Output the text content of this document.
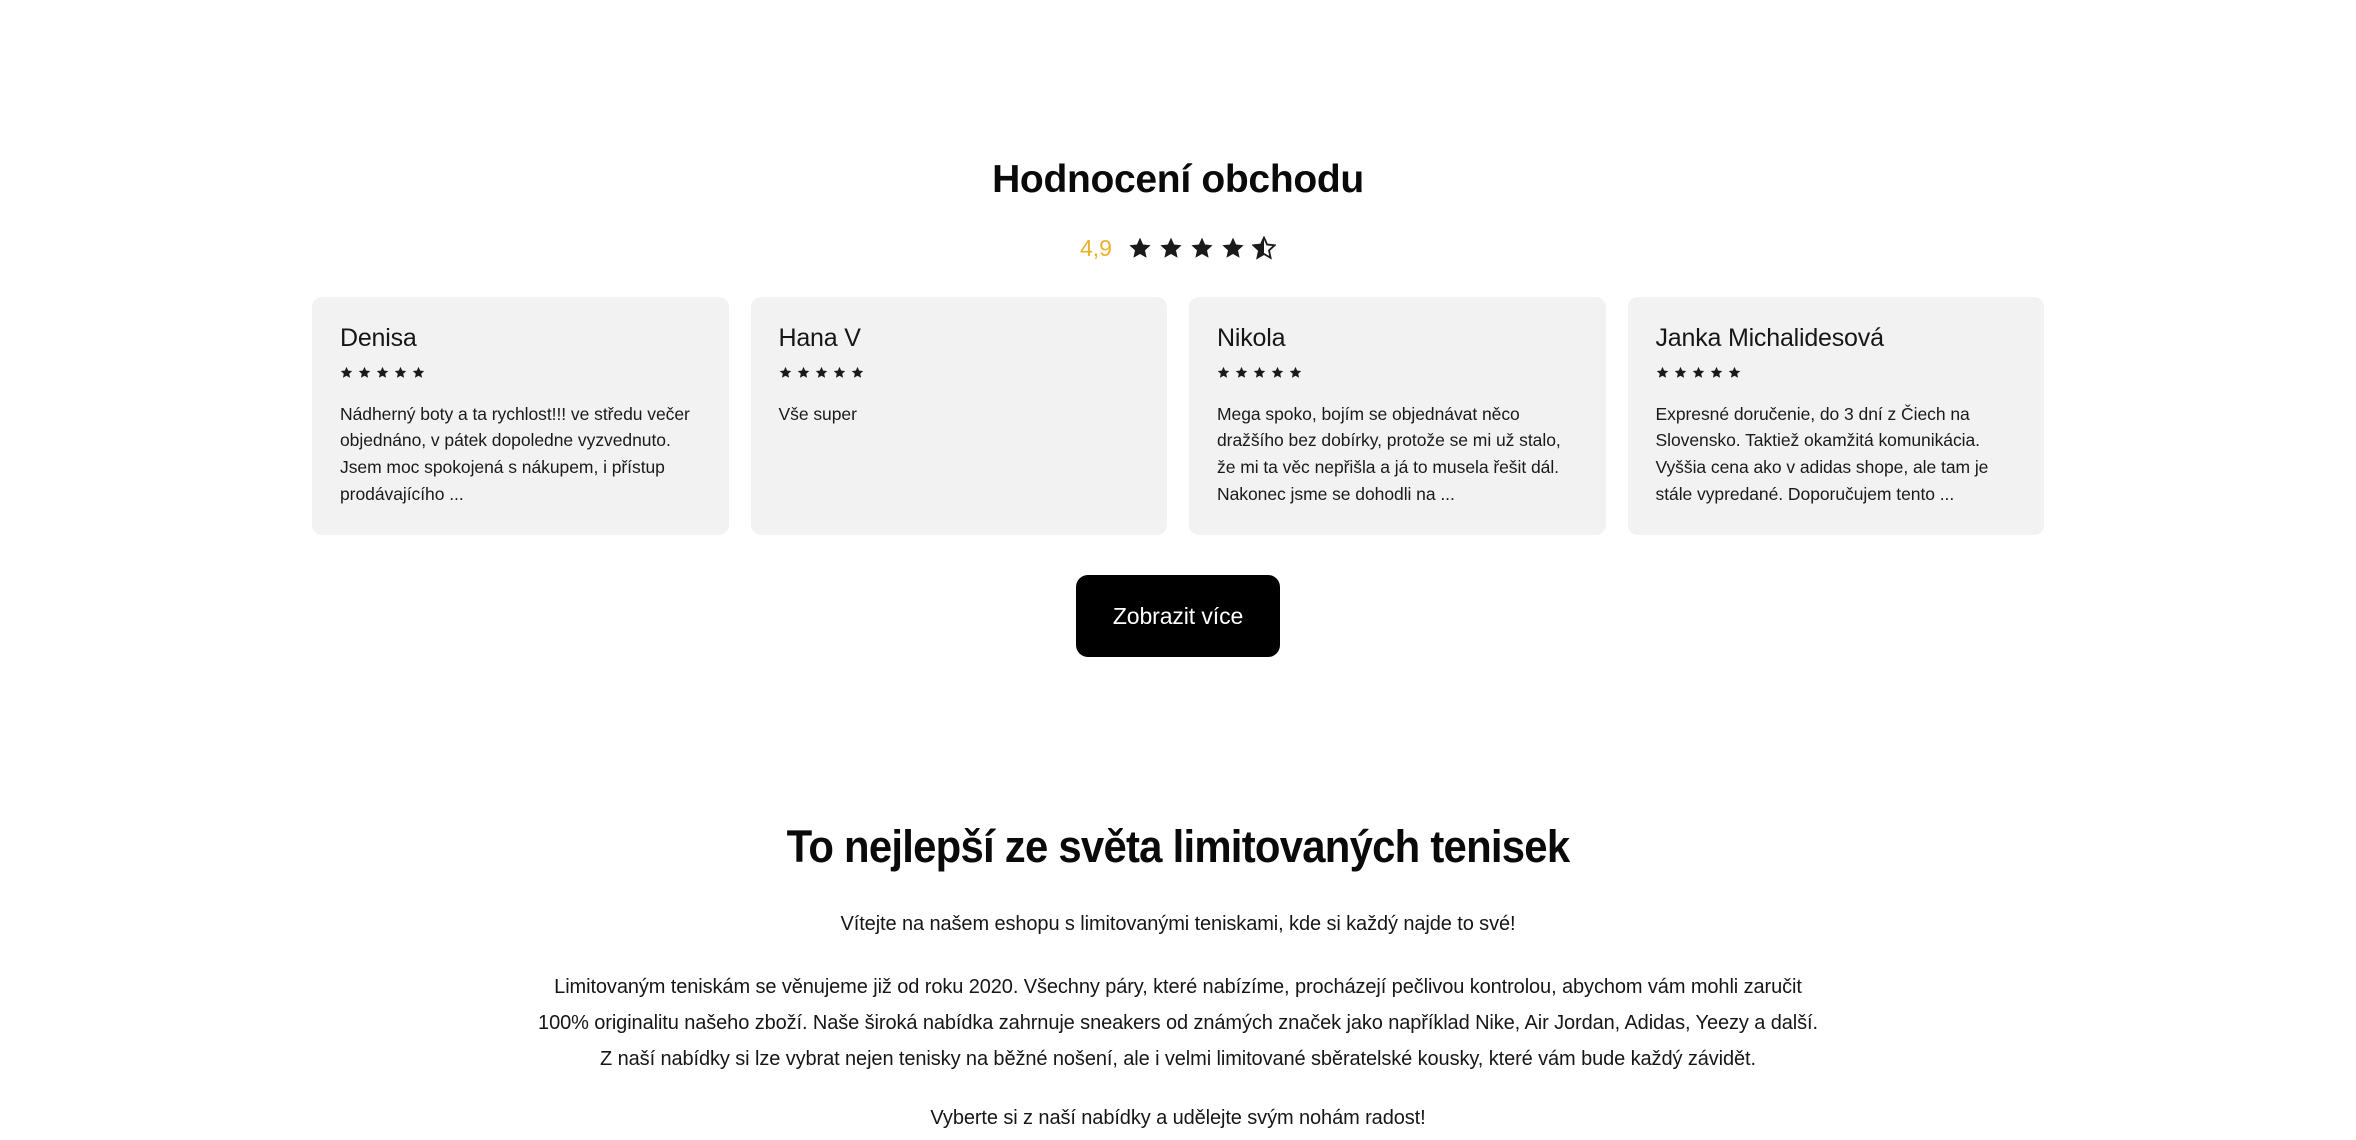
Hodnocení obchodu
4,9
Denisa
Nádherný boty a ta rychlost!!! ve středu večer objednáno, v pátek dopoledne vyzvednuto. Jsem moc spokojená s nákupem, i přístup prodávajícího ...
Hana V
Vše super
Nikola
Mega spoko, bojím se objednávat něco dražšího bez dobírky, protože se mi už stalo, že mi ta věc nepřišla a já to musela řešit dál. Nakonec jsme se dohodli na ...
Janka Michalidesová
Expresné doručenie, do 3 dní z Čiech na Slovensko. Taktiež okamžitá komunikácia. Vyššia cena ako v adidas shope, ale tam je stále vypredané. Doporučujem tento ...
Zobrazit více
To nejlepší ze světa limitovaných tenisek

Vítejte na našem eshopu s limitovanými teniskami, kde si každý najde to své!

Limitovaným teniskám se věnujeme již od roku 2020. Všechny páry, které nabízíme, procházejí pečlivou kontrolou, abychom vám mohli zaručit 100% originalitu našeho zboží. Naše široká nabídka zahrnuje sneakers od známých značek jako například Nike, Air Jordan, Adidas, Yeezy a další. Z naší nabídky si lze vybrat nejen tenisky na běžné nošení, ale i velmi limitované sběratelské kousky, které vám bude každý závidět.

Vyberte si z naší nabídky a udělejte svým nohám radost!
